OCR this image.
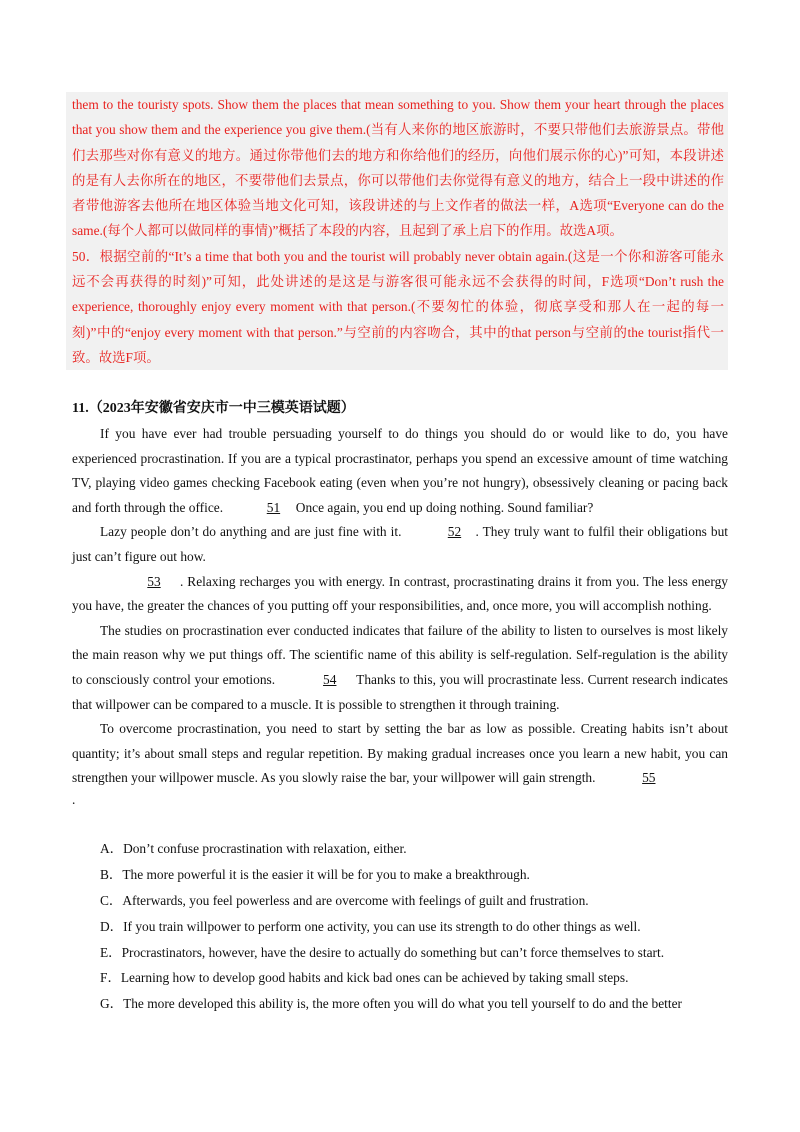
them to the touristy spots. Show them the places that mean something to you. Show them your heart through the places that you show them and the experience you give them.(当有人来你的地区旅游时，不要只带他们去旅游景点。带他们去那些对你有意义的地方。通过你带他们去的地方和你给他们的经历，向他们展示你的心)”可知，本段讲述的是有人去你所在的地区，不要带他们去景点，你可以带他们去你觉得有意义的地方，结合上一段中讲述的作者带他游客去他所在地区体验当地文化可知，该段讲述的与上文作者的做法一样，A选项“Everyone can do the same.(每个人都可以做同样的事情)”概括了本段的内容，且起到了承上启下的作用。故选A项。

50．根据空前的“It’s a time that both you and the tourist will probably never obtain again.(这是一个你和游客可能永远不会再获得的时刻)”可知，此处讲述的是这是与游客很可能永远不会获得的时间，F选项“Don’t rush the experience, thoroughly enjoy every moment with that person.(不要匆忙的体验，彻底享受和那人在一起的每一刻)”中的“enjoy every moment with that person.”与空前的内容吻合，其中的that person与空前的the tourist指代一致。故选F项。

11.（2023年安徽省安庆市一中三模英语试题）

If you have ever had trouble persuading yourself to do things you should do or would like to do, you have experienced procrastination. If you are a typical procrastinator, perhaps you spend an excessive amount of time watching TV, playing video games checking Facebook eating (even when you’re not hungry), obsessively cleaning or pacing back and forth through the office.	51 Once again, you end up doing nothing. Sound familiar?

Lazy people don’t do anything and are just fine with it.	52 . They truly want to fulfil their obligations but just can’t figure out how.

53 . Relaxing recharges you with energy. In contrast, procrastinating drains it from you. The less energy you have, the greater the chances of you putting off your responsibilities, and, once more, you will accomplish nothing.

The studies on procrastination ever conducted indicates that failure of the ability to listen to ourselves is most likely the main reason why we put things off. The scientific name of this ability is self-regulation. Self-regulation is the ability to consciously control your emotions.	54 Thanks to this, you will procrastinate less. Current research indicates that willpower can be compared to a muscle. It is possible to strengthen it through training.

To overcome procrastination, you need to start by setting the bar as low as possible. Creating habits isn’t about quantity; it’s about small steps and regular repetition. By making gradual increases once you learn a new habit, you can strengthen your willpower muscle. As you slowly raise the bar, your willpower will gain strength.	55

.

A．Don’t confuse procrastination with relaxation, either.
B．The more powerful it is the easier it will be for you to make a breakthrough.
C．Afterwards, you feel powerless and are overcome with feelings of guilt and frustration.
D．If you train willpower to perform one activity, you can use its strength to do other things as well.
E．Procrastinators, however, have the desire to actually do something but can’t force themselves to start.
F．Learning how to develop good habits and kick bad ones can be achieved by taking small steps.
G．The more developed this ability is, the more often you will do what you tell yourself to do and the better
